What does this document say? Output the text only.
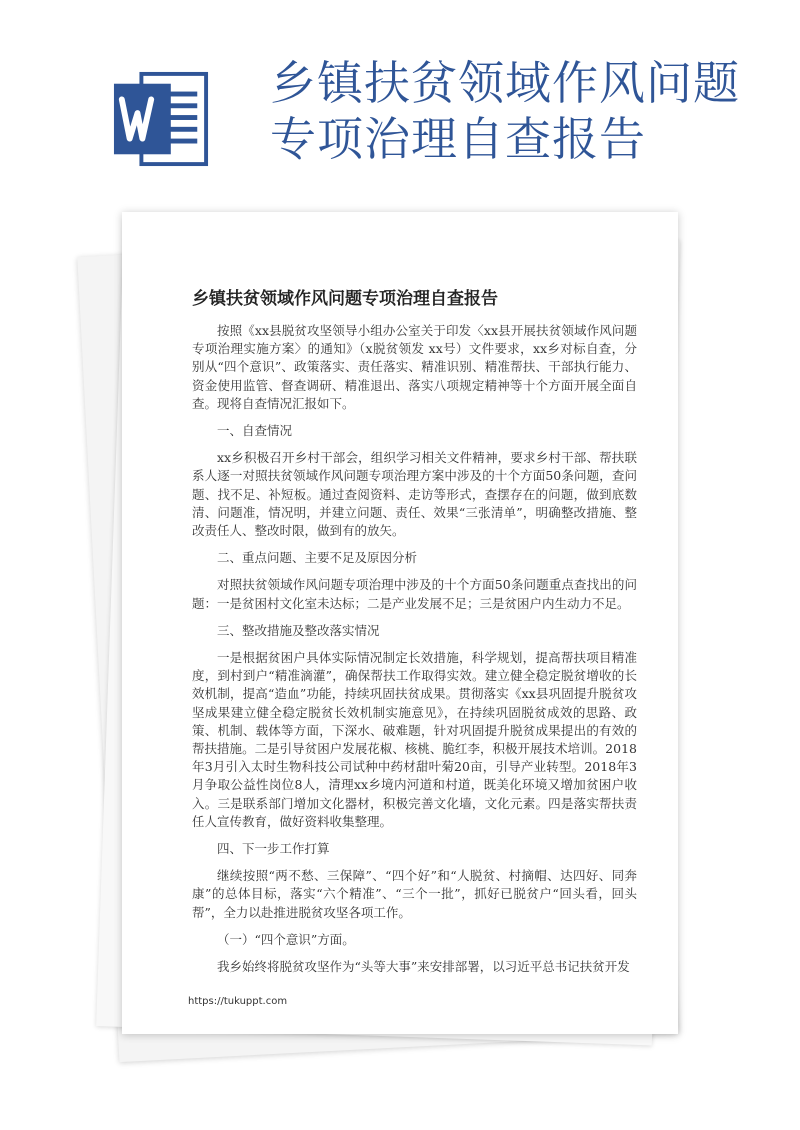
乡镇扶贫领域作风问题
专项治理自查报告
乡镇扶贫领域作风问题专项治理自查报告

按照《xx县脱贫攻坚领导小组办公室关于印发〈xx县开展扶贫领域作风问题专项治理实施方案〉的通知》（x脱贫领发 xx号）文件要求，xx乡对标自查，分别从“四个意识”、政策落实、责任落实、精准识别、精准帮扶、干部执行能力、资金使用监管、督查调研、精准退出、落实八项规定精神等十个方面开展全面自查。现将自查情况汇报如下。

一、自查情况

xx乡积极召开乡村干部会，组织学习相关文件精神，要求乡村干部、帮扶联系人逐一对照扶贫领域作风问题专项治理方案中涉及的十个方面50条问题，查问题、找不足、补短板。通过查阅资料、走访等形式，查摆存在的问题，做到底数清、问题准，情况明，并建立问题、责任、效果“三张清单”，明确整改措施、整改责任人、整改时限，做到有的放矢。

二、重点问题、主要不足及原因分析

对照扶贫领域作风问题专项治理中涉及的十个方面50条问题重点查找出的问题：一是贫困村文化室未达标；二是产业发展不足；三是贫困户内生动力不足。

三、整改措施及整改落实情况

一是根据贫困户具体实际情况制定长效措施，科学规划，提高帮扶项目精准度，到村到户“精准滴灌”，确保帮扶工作取得实效。建立健全稳定脱贫增收的长效机制，提高“造血”功能，持续巩固扶贫成果。贯彻落实《xx县巩固提升脱贫攻坚成果建立健全稳定脱贫长效机制实施意见》，在持续巩固脱贫成效的思路、政策、机制、载体等方面，下深水、破难题，针对巩固提升脱贫成果提出的有效的帮扶措施。二是引导贫困户发展花椒、核桃、脆红李，积极开展技术培训。2018年3月引入太时生物科技公司试种中药材甜叶菊20亩，引导产业转型。2018年3月争取公益性岗位8人，清理xx乡境内河道和村道，既美化环境又增加贫困户收入。三是联系部门增加文化器材，积极完善文化墙，文化元素。四是落实帮扶责任人宣传教育，做好资料收集整理。

四、下一步工作打算

继续按照“两不愁、三保障”、“四个好”和“人脱贫、村摘帽、达四好、同奔康”的总体目标，落实“六个精准”、“三个一批”，抓好已脱贫户“回头看，回头帮”，全力以赴推进脱贫攻坚各项工作。

（一）“四个意识”方面。

我乡始终将脱贫攻坚作为“头等大事”来安排部署，以习近平总书记扶贫开发

https://tukuppt.com
